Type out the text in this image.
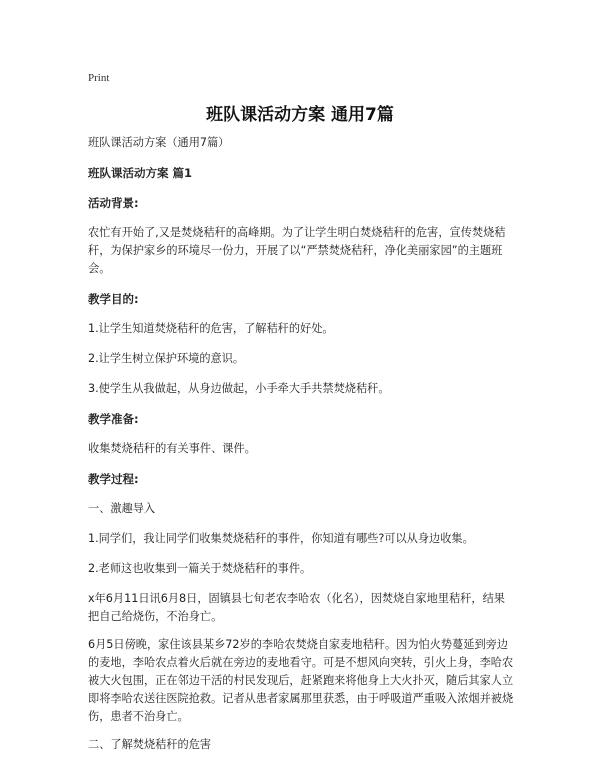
Print
班队课活动方案 通用7篇

班队课活动方案（通用7篇）

班队课活动方案 篇1

活动背景:

农忙有开始了,又是焚烧秸秆的高峰期。为了让学生明白焚烧秸秆的危害，宣传焚烧秸秆，为保护家乡的环境尽一份力，开展了以“严禁焚烧秸秆，净化美丽家园”的主题班会。

教学目的:

1.让学生知道焚烧秸秆的危害，了解秸秆的好处。

2.让学生树立保护环境的意识。

3.使学生从我做起，从身边做起，小手牵大手共禁焚烧秸秆。

教学准备:

收集焚烧秸秆的有关事件、课件。

教学过程:

一、激趣导入

1.同学们，我让同学们收集焚烧秸秆的事件，你知道有哪些?可以从身边收集。

2.老师这也收集到一篇关于焚烧秸秆的事件。

x年6月11日讯6月8日，固镇县七旬老农李哈农（化名），因焚烧自家地里秸秆，结果把自己给烧伤，不治身亡。

6月5日傍晚，家住该县某乡72岁的李哈农焚烧自家麦地秸秆。因为怕火势蔓延到旁边的麦地，李哈农点着火后就在旁边的麦地看守。可是不想风向突转，引火上身，李哈农被大火包围，正在邻边干活的村民发现后，赶紧跑来将他身上大火扑灭，随后其家人立即将李哈农送往医院抢救。记者从患者家属那里获悉，由于呼吸道严重吸入浓烟并被烧伤，患者不治身亡。

二、了解焚烧秸秆的危害
